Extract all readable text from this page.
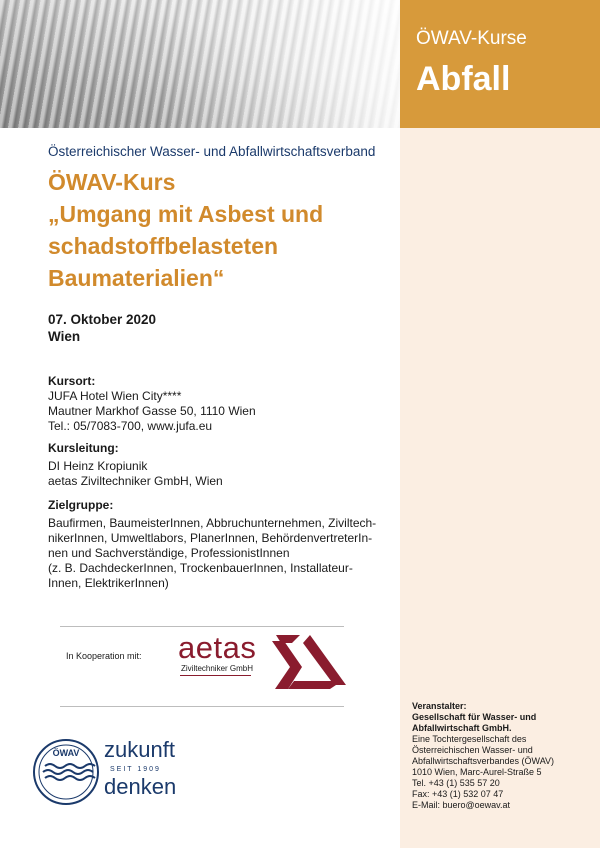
ÖWAV-Kurse
Abfall
Österreichischer Wasser- und Abfallwirtschaftsverband
ÖWAV-Kurs
„Umgang mit Asbest und
schadstoffbelasteten
Baumaterialien“
07. Oktober 2020
Wien
Kursort:
JUFA Hotel Wien City****
Mautner Markhof Gasse 50, 1110 Wien
Tel.: 05/7083-700, www.jufa.eu
Kursleitung:
DI Heinz Kropiunik
aetas Ziviltechniker GmbH, Wien
Zielgruppe:
Baufirmen, BaumeisterInnen, Abbruchunternehmen, Ziviltech-
nikerInnen, Umweltlabors, PlanerInnen, BehördenvertreterIn-
nen und Sachverständige, ProfessionistInnen
(z. B. DachdeckerInnen, TrockenbauerInnen, Installateur-
Innen, ElektrikerInnen)
In Kooperation mit: aetas
Ziviltechniker GmbH
ÖWAV zukunft
SEIT 1909
denken
Veranstalter:
Gesellschaft für Wasser- und
Abfallwirtschaft GmbH.
Eine Tochtergesellschaft des
Österreichischen Wasser- und
Abfallwirtschaftsverbandes (ÖWAV)
1010 Wien, Marc-Aurel-Straße 5
Tel. +43 (1) 535 57 20
Fax: +43 (1) 532 07 47
E-Mail: buero@oewav.at
